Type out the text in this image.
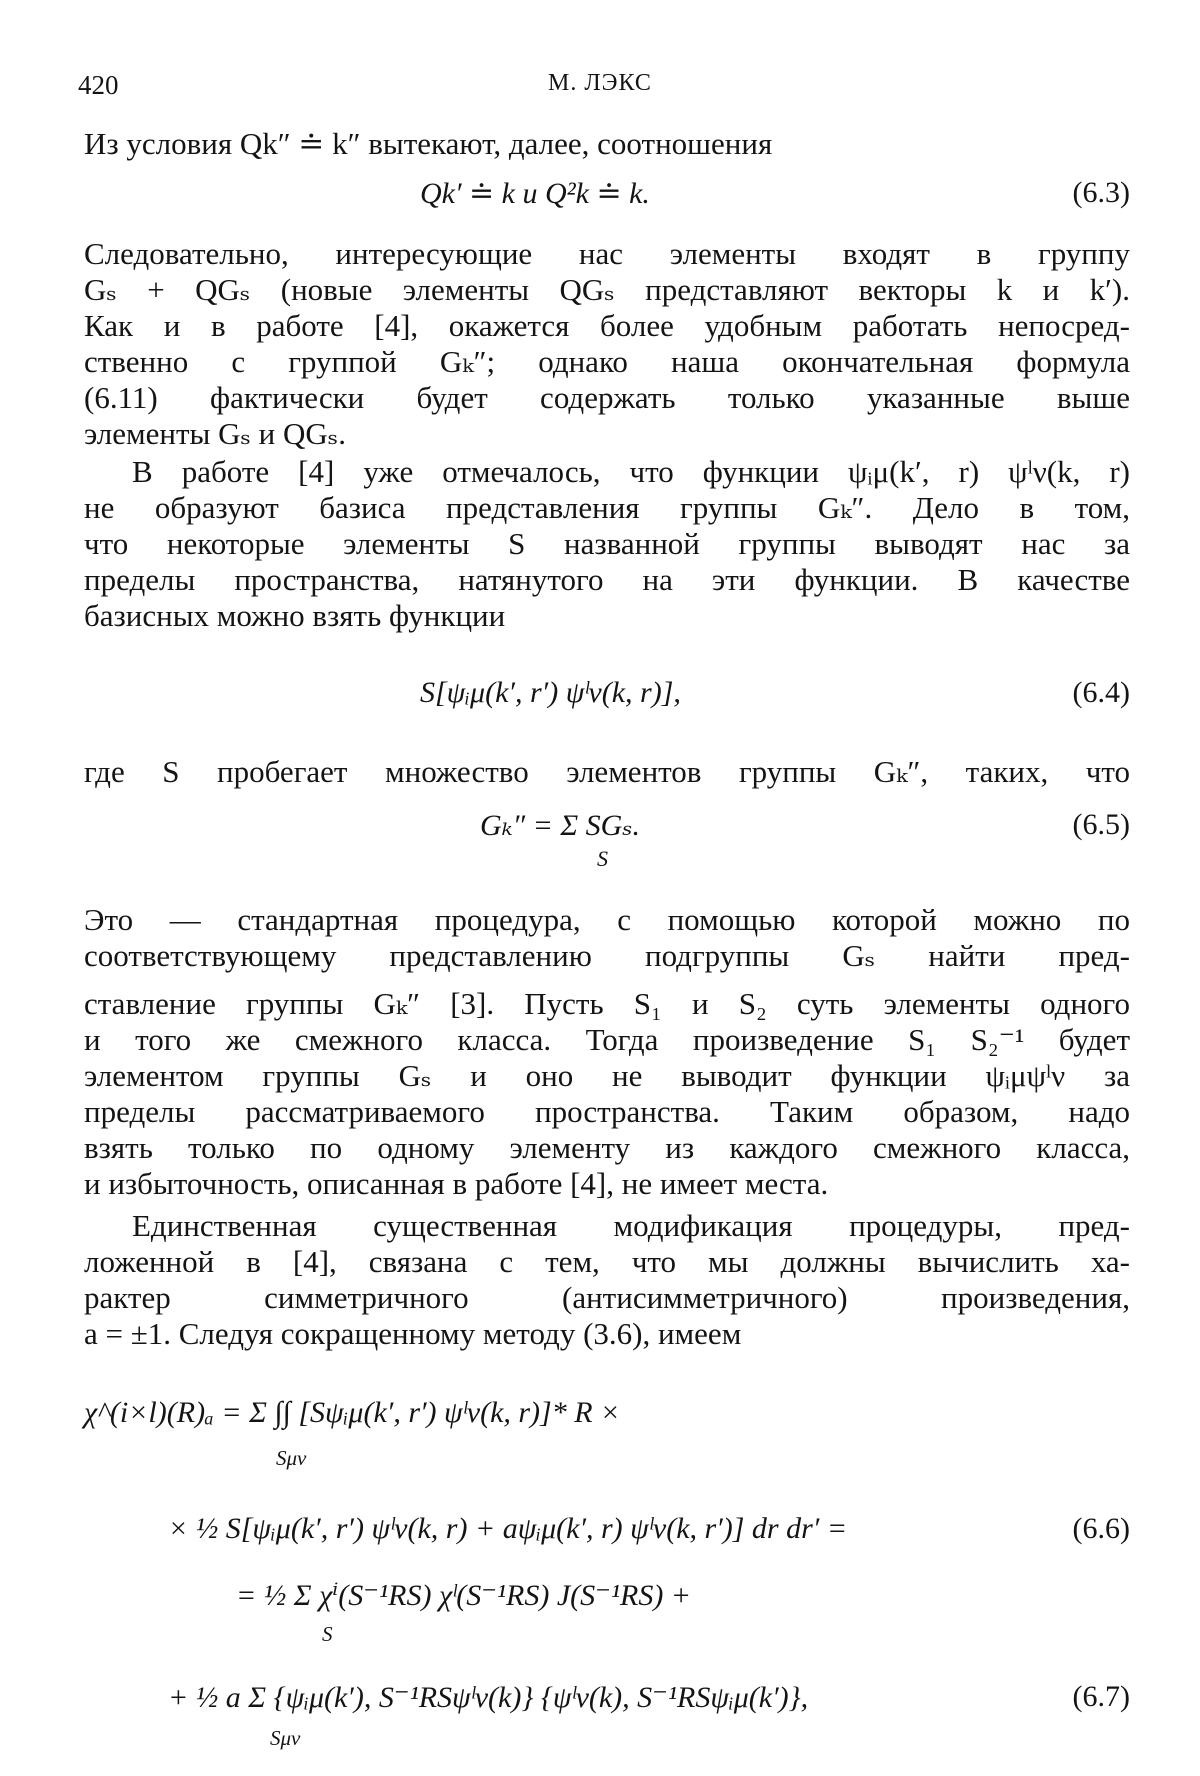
420	М. ЛЭКС
Из условия Qk″ ≐ k″ вытекают, далее, соотношения
Qk′ ≐ k и Q²k ≐ k.	(6.3)
Следовательно, интересующие нас элементы входят в группу
Gₛ + QGₛ (новые элементы QGₛ представляют векторы k и k′).
Как и в работе [4], окажется более удобным работать непосред-
ственно с группой Gₖ″; однако наша окончательная формула
(6.11) фактически будет содержать только указанные выше
элементы Gₛ и QGₛ.
В работе [4] уже отмечалось, что функции ψᵢμ(k′, r) ψˡν(k, r)
не образуют базиса представления группы Gₖ″. Дело в том,
что некоторые элементы S названной группы выводят нас за
пределы пространства, натянутого на эти функции. В качестве
базисных можно взять функции
S[ψᵢμ(k′, r′) ψˡν(k, r)],	(6.4)
где S пробегает множество элементов группы Gₖ″, таких, что
Gₖ″ = Σ SGₛ.	(6.5)
S
Это — стандартная процедура, с помощью которой можно по
соответствующему представлению подгруппы Gₛ найти пред-
ставление группы Gₖ″ [3]. Пусть S₁ и S₂ суть элементы одного
и того же смежного класса. Тогда произведение S₁ S₂⁻¹ будет
элементом группы Gₛ и оно не выводит функции ψᵢμψˡν за
пределы рассматриваемого пространства. Таким образом, надо
взять только по одному элементу из каждого смежного класса,
и избыточность, описанная в работе [4], не имеет места.
Единственная существенная модификация процедуры, пред-
ложенной в [4], связана с тем, что мы должны вычислить ха-
рактер симметричного (антисимметричного) произведения,
a = ±1. Следуя сокращенному методу (3.6), имеем
χ^(i×l)(R)ₐ = Σ ∫∫ [Sψᵢμ(k′, r′) ψˡν(k, r)]* R ×
Sμν
× ½ S[ψᵢμ(k′, r′) ψˡν(k, r) + aψᵢμ(k′, r) ψˡν(k, r′)] dr dr′ =	(6.6)
= ½ Σ χⁱ(S⁻¹RS) χˡ(S⁻¹RS) J(S⁻¹RS) +
S
+ ½ a Σ {ψᵢμ(k′), S⁻¹RSψˡν(k)} {ψˡν(k), S⁻¹RSψᵢμ(k′)},
Sμν
(6.7)
